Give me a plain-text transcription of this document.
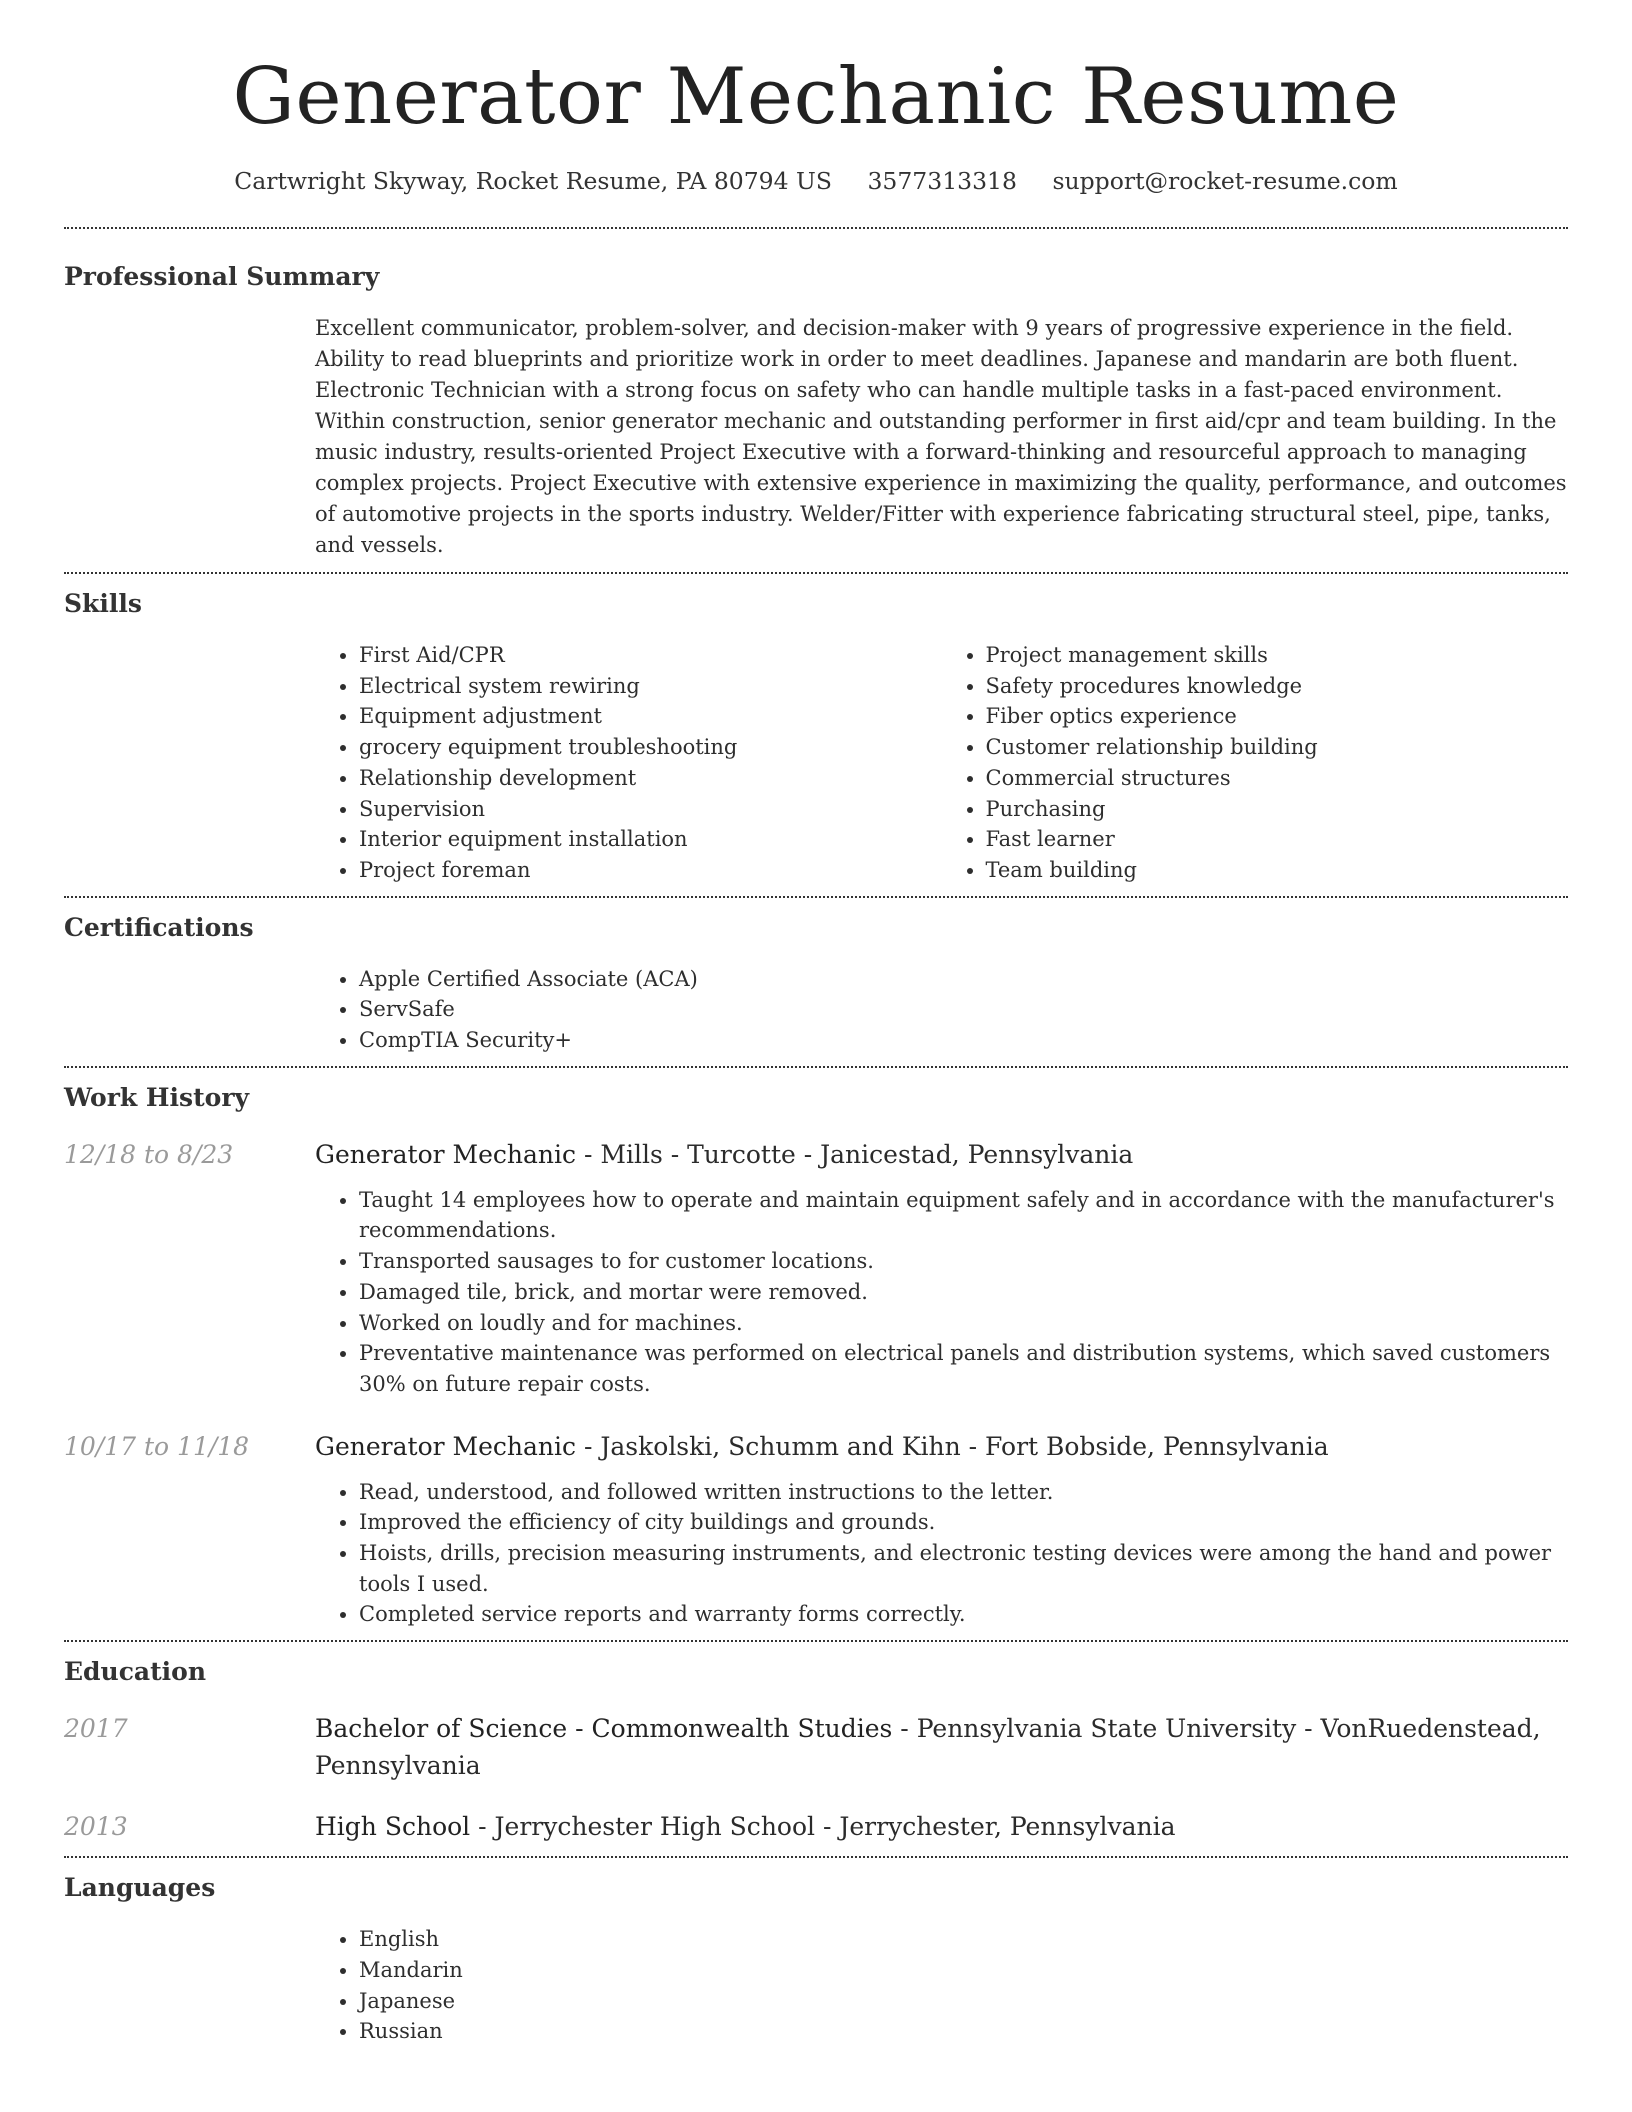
Generator Mechanic Resume
Cartwright Skyway, Rocket Resume, PA 80794 US 3577313318 support@rocket-resume.com
Professional Summary

Excellent communicator, problem-solver, and decision-maker with 9 years of progressive experience in the field. Ability to read blueprints and prioritize work in order to meet deadlines. Japanese and mandarin are both fluent. Electronic Technician with a strong focus on safety who can handle multiple tasks in a fast-paced environment. Within construction, senior generator mechanic and outstanding performer in first aid/cpr and team building. In the music industry, results-oriented Project Executive with a forward-thinking and resourceful approach to managing complex projects. Project Executive with extensive experience in maximizing the quality, performance, and outcomes of automotive projects in the sports industry. Welder/Fitter with experience fabricating structural steel, pipe, tanks, and vessels.

Skills
• First Aid/CPR
• Electrical system rewiring
• Equipment adjustment
• grocery equipment troubleshooting
• Relationship development
• Supervision
• Interior equipment installation
• Project foreman
• Project management skills
• Safety procedures knowledge
• Fiber optics experience
• Customer relationship building
• Commercial structures
• Purchasing
• Fast learner
• Team building
Certifications
• Apple Certified Associate (ACA)
• ServSafe
• CompTIA Security+
Work History
12/18 to 8/23	Generator Mechanic - Mills - Turcotte - Janicestad, Pennsylvania
• Taught 14 employees how to operate and maintain equipment safely and in accordance with the manufacturer's recommendations.
• Transported sausages to for customer locations.
• Damaged tile, brick, and mortar were removed.
• Worked on loudly and for machines.
• Preventative maintenance was performed on electrical panels and distribution systems, which saved customers 30% on future repair costs.
10/17 to 11/18	Generator Mechanic - Jaskolski, Schumm and Kihn - Fort Bobside, Pennsylvania
• Read, understood, and followed written instructions to the letter.
• Improved the efficiency of city buildings and grounds.
• Hoists, drills, precision measuring instruments, and electronic testing devices were among the hand and power tools I used.
• Completed service reports and warranty forms correctly.
Education
2017	Bachelor of Science - Commonwealth Studies - Pennsylvania State University - VonRuedenstead, Pennsylvania
2013	High School - Jerrychester High School - Jerrychester, Pennsylvania
Languages
• English
• Mandarin
• Japanese
• Russian
